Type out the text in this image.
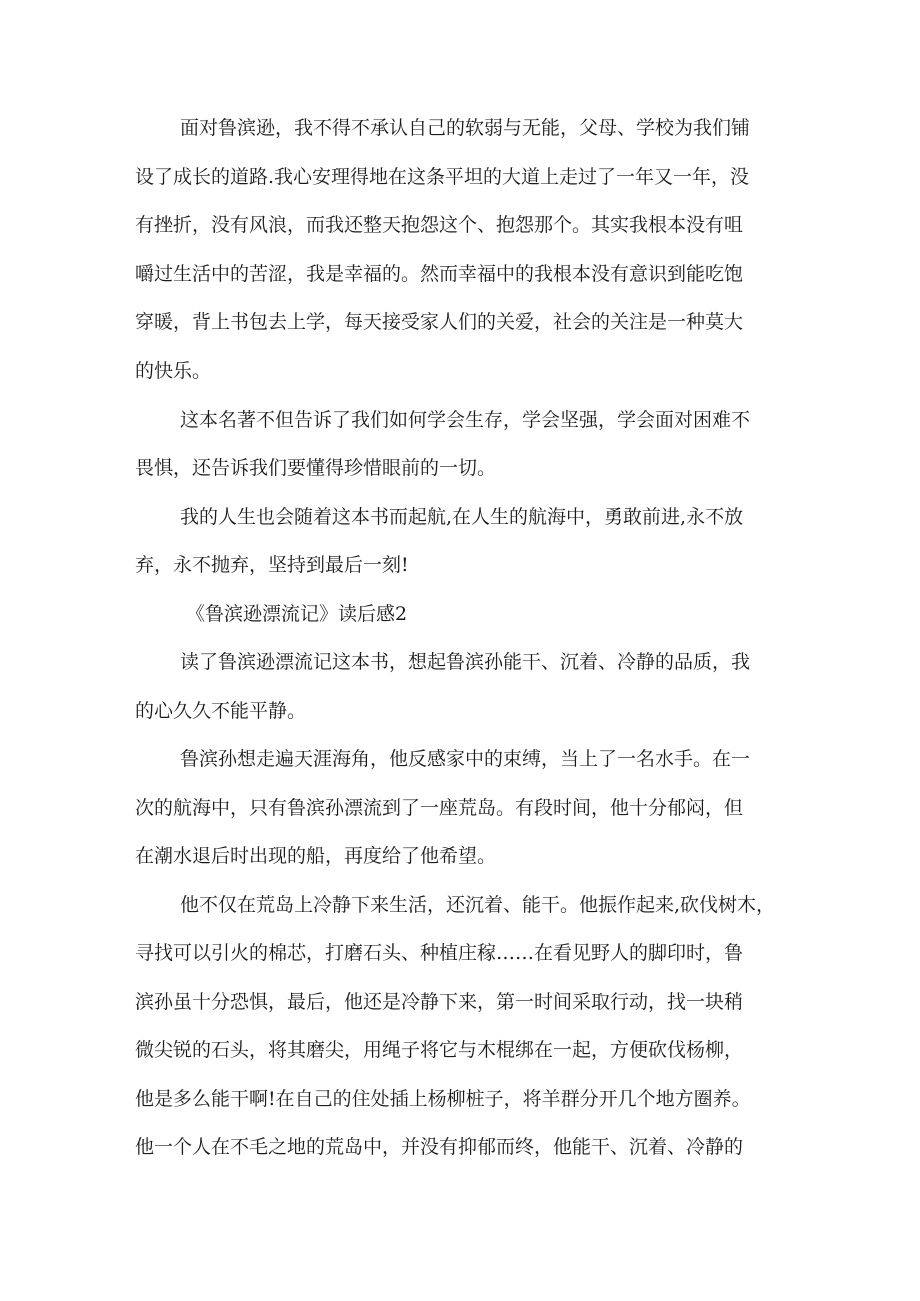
面对鲁滨逊，我不得不承认自己的软弱与无能，父母、学校为我们铺
设了成长的道路.我心安理得地在这条平坦的大道上走过了一年又一年，没
有挫折，没有风浪，而我还整天抱怨这个、抱怨那个。其实我根本没有咀
嚼过生活中的苦涩，我是幸福的。然而幸福中的我根本没有意识到能吃饱
穿暖，背上书包去上学，每天接受家人们的关爱，社会的关注是一种莫大
的快乐。
这本名著不但告诉了我们如何学会生存，学会坚强，学会面对困难不
畏惧，还告诉我们要懂得珍惜眼前的一切。
我的人生也会随着这本书而起航,在人生的航海中，勇敢前进,永不放
弃，永不抛弃，坚持到最后一刻!
《鲁滨逊漂流记》读后感2
读了鲁滨逊漂流记这本书，想起鲁滨孙能干、沉着、冷静的品质，我
的心久久不能平静。
鲁滨孙想走遍天涯海角，他反感家中的束缚，当上了一名水手。在一
次的航海中，只有鲁滨孙漂流到了一座荒岛。有段时间，他十分郁闷，但
在潮水退后时出现的船，再度给了他希望。
他不仅在荒岛上冷静下来生活，还沉着、能干。他振作起来,砍伐树木，
寻找可以引火的棉芯，打磨石头、种植庄稼……在看见野人的脚印时，鲁
滨孙虽十分恐惧，最后，他还是冷静下来，第一时间采取行动，找一块稍
微尖锐的石头，将其磨尖，用绳子将它与木棍绑在一起，方便砍伐杨柳，
他是多么能干啊!在自己的住处插上杨柳桩子，将羊群分开几个地方圈养。
他一个人在不毛之地的荒岛中，并没有抑郁而终，他能干、沉着、冷静的
